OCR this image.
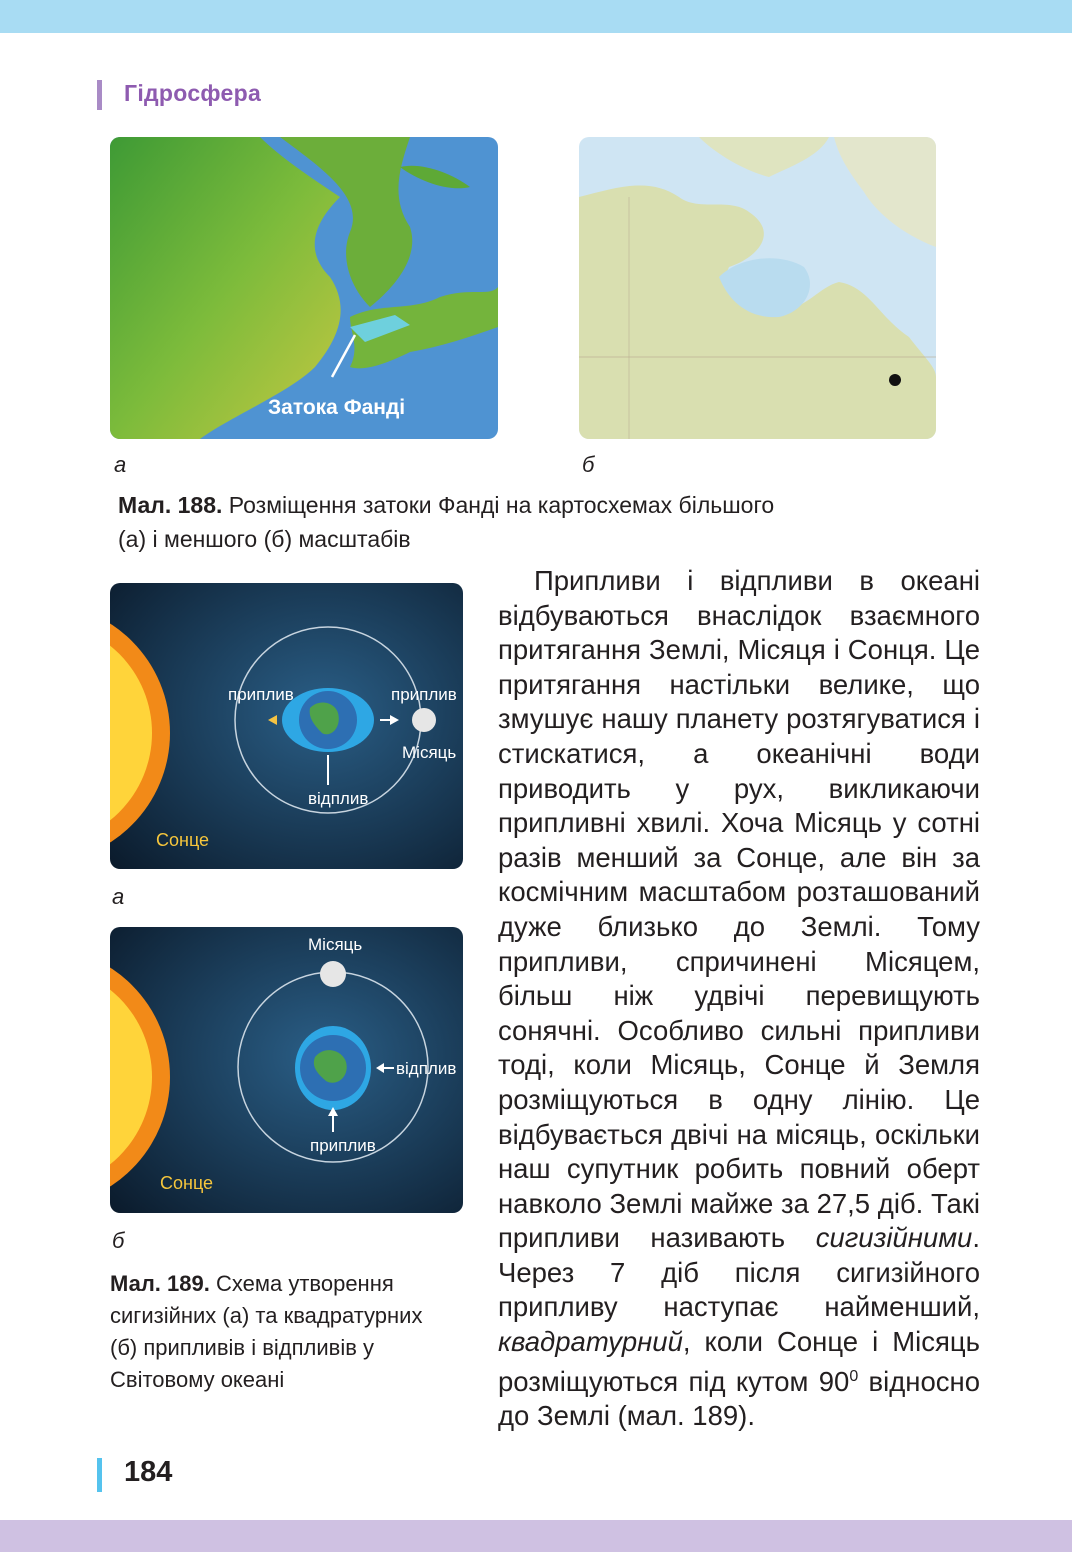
Гідросфера
Затока Фанді
а	б
Мал. 188. Розміщення затоки Фанді на картосхемах більшого (а) і меншого (б) масштабів
приплив	приплив
Місяць
відплив
Сонце
а
Місяць
відплив
приплив
Сонце
б
Мал. 189. Схема утворення сигизійних (а) та квадратурних (б) припливів і відпливів у Світовому океані

Припливи і відпливи в океані відбуваються внаслідок взаємного притягання Землі, Місяця і Сонця. Це притягання настільки велике, що змушує нашу планету розтягуватися і стискатися, а океанічні води приводить у рух, викликаючи припливні хвилі. Хоча Місяць у сотні разів менший за Сонце, але він за космічним масштабом розташований дуже близько до Землі. Тому припливи, спричинені Місяцем, більш ніж удвічі перевищують сонячні. Особливо сильні припливи тоді, коли Місяць, Сонце й Земля розміщуються в одну лінію. Це відбувається двічі на місяць, оскільки наш супутник робить повний оберт навколо Землі майже за 27,5 діб. Такі припливи називають сигизійними. Через 7 діб після сигизійного припливу наступає найменший, квадратурний, коли Сонце і Місяць розміщуються під кутом $90^0$ відносно до Землі (мал. 189).

184
